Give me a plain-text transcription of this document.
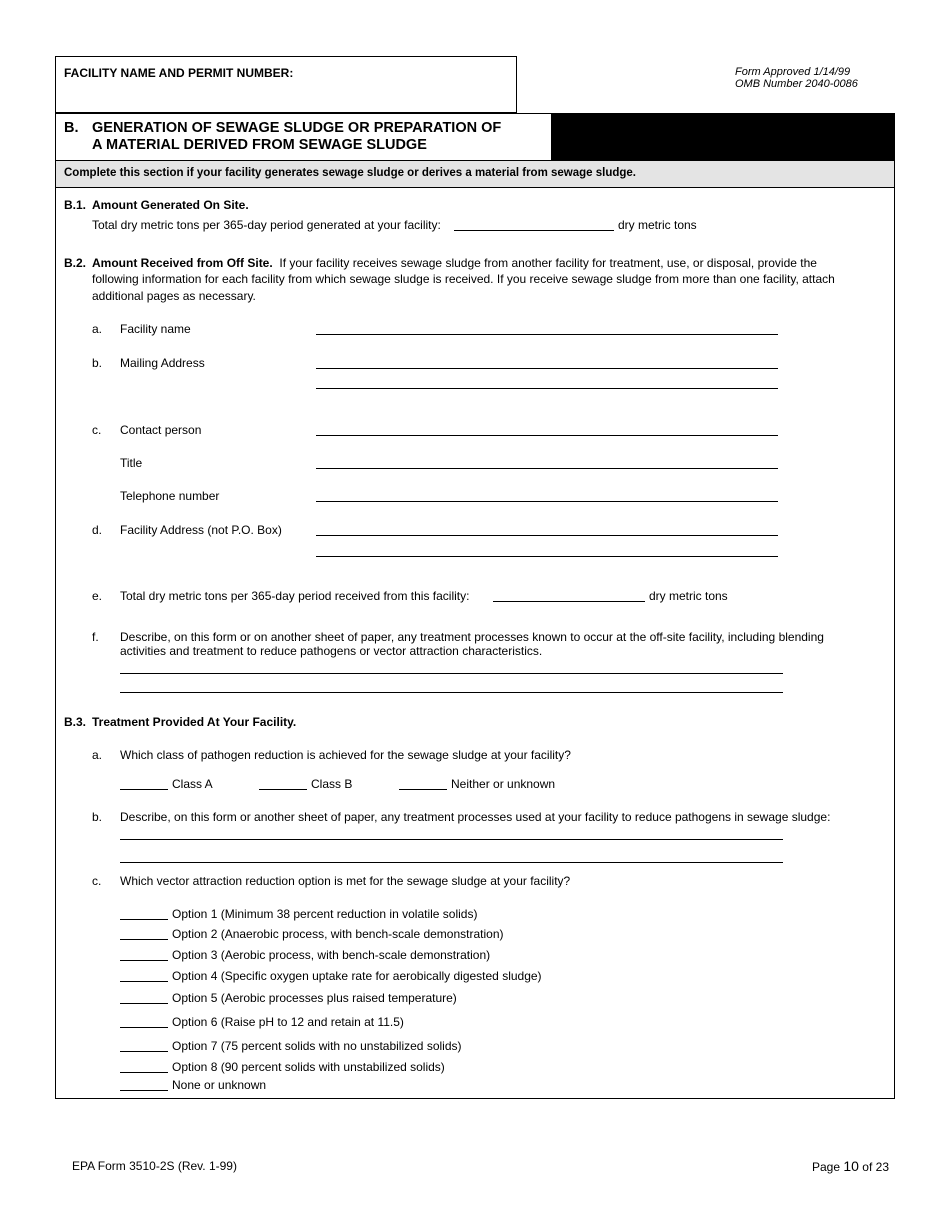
FACILITY NAME AND PERMIT NUMBER:	Form Approved 1/14/99
OMB Number 2040-0086
B. GENERATION OF SEWAGE SLUDGE OR PREPARATION OF
A MATERIAL DERIVED FROM SEWAGE SLUDGE
Complete this section if your facility generates sewage sludge or derives a material from sewage sludge.
B.1. Amount Generated On Site.
Total dry metric tons per 365-day period generated at your facility:	dry metric tons
B.2. Amount Received from Off Site. If your facility receives sewage sludge from another facility for treatment, use, or disposal, provide the
following information for each facility from which sewage sludge is received. If you receive sewage sludge from more than one facility, attach
additional pages as necessary.
a. Facility name
b. Mailing Address
c. Contact person
Title
Telephone number
d. Facility Address (not P.O. Box)
e. Total dry metric tons per 365-day period received from this facility:	dry metric tons
f. Describe, on this form or on another sheet of paper, any treatment processes known to occur at the off-site facility, including blending
activities and treatment to reduce pathogens or vector attraction characteristics.
B.3. Treatment Provided At Your Facility.
a. Which class of pathogen reduction is achieved for the sewage sludge at your facility?
Class A	Class B	Neither or unknown
b. Describe, on this form or another sheet of paper, any treatment processes used at your facility to reduce pathogens in sewage sludge:
c. Which vector attraction reduction option is met for the sewage sludge at your facility?
Option 1 (Minimum 38 percent reduction in volatile solids)
Option 2 (Anaerobic process, with bench-scale demonstration)
Option 3 (Aerobic process, with bench-scale demonstration)
Option 4 (Specific oxygen uptake rate for aerobically digested sludge)
Option 5 (Aerobic processes plus raised temperature)
Option 6 (Raise pH to 12 and retain at 11.5)
Option 7 (75 percent solids with no unstabilized solids)
Option 8 (90 percent solids with unstabilized solids)
None or unknown
EPA Form 3510-2S (Rev. 1-99)	Page 10 of 23
